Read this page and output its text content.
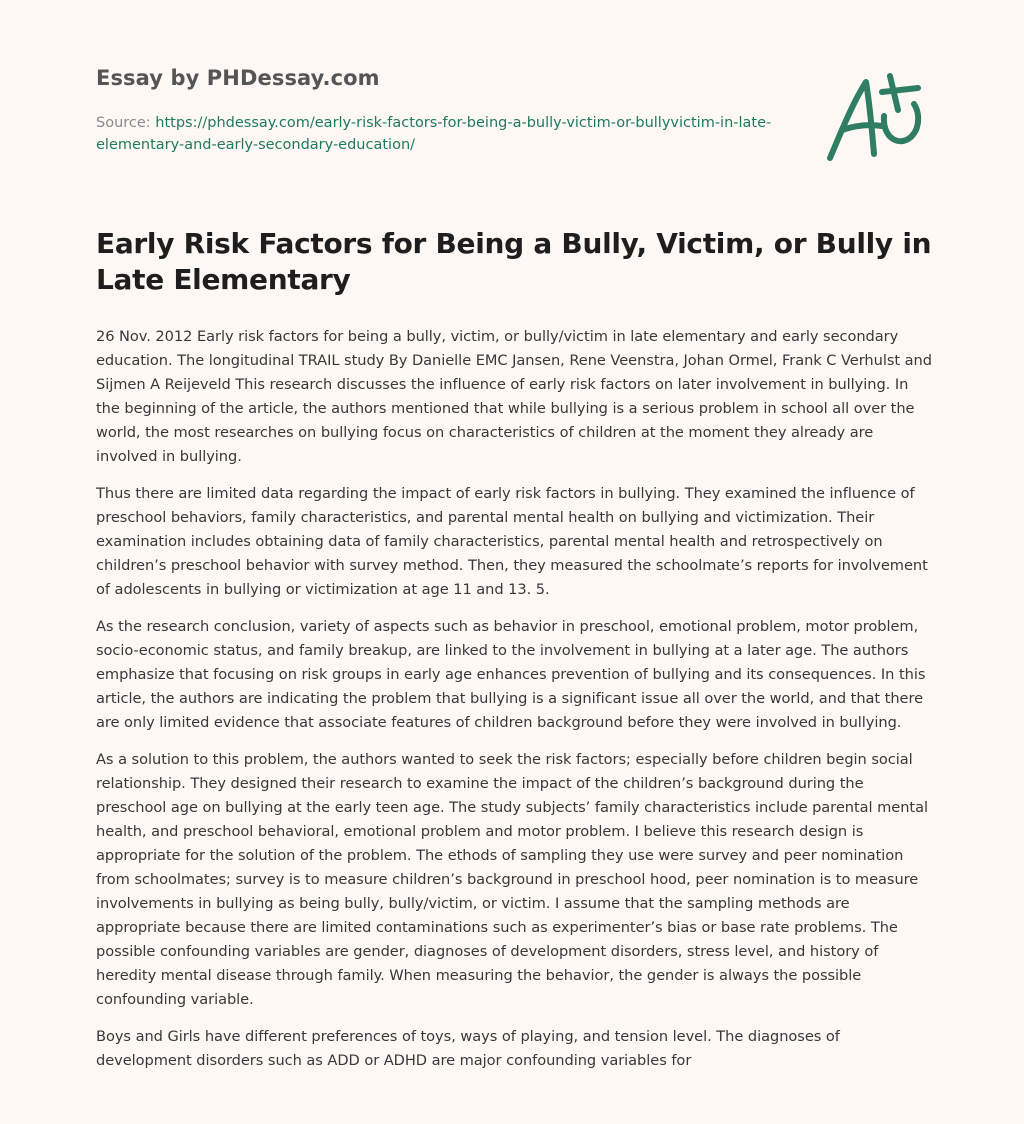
Essay by PHDessay.com

Source: https://phdessay.com/early-risk-factors-for-being-a-bully-victim-or-bullyvictim-in-late-elementary-and-early-secondary-education/

Early Risk Factors for Being a Bully, Victim, or Bully in Late Elementary

26 Nov. 2012 Early risk factors for being a bully, victim, or bully/victim in late elementary and early secondary education. The longitudinal TRAIL study By Danielle EMC Jansen, Rene Veenstra, Johan Ormel, Frank C Verhulst and Sijmen A Reijeveld This research discusses the influence of early risk factors on later involvement in bullying. In the beginning of the article, the authors mentioned that while bullying is a serious problem in school all over the world, the most researches on bullying focus on characteristics of children at the moment they already are involved in bullying.

Thus there are limited data regarding the impact of early risk factors in bullying. They examined the influence of preschool behaviors, family characteristics, and parental mental health on bullying and victimization. Their examination includes obtaining data of family characteristics, parental mental health and retrospectively on children’s preschool behavior with survey method. Then, they measured the schoolmate’s reports for involvement of adolescents in bullying or victimization at age 11 and 13. 5.

As the research conclusion, variety of aspects such as behavior in preschool, emotional problem, motor problem, socio-economic status, and family breakup, are linked to the involvement in bullying at a later age. The authors emphasize that focusing on risk groups in early age enhances prevention of bullying and its consequences. In this article, the authors are indicating the problem that bullying is a significant issue all over the world, and that there are only limited evidence that associate features of children background before they were involved in bullying.

As a solution to this problem, the authors wanted to seek the risk factors; especially before children begin social relationship. They designed their research to examine the impact of the children’s background during the preschool age on bullying at the early teen age. The study subjects’ family characteristics include parental mental health, and preschool behavioral, emotional problem and motor problem. I believe this research design is appropriate for the solution of the problem. The ethods of sampling they use were survey and peer nomination from schoolmates; survey is to measure children’s background in preschool hood, peer nomination is to measure involvements in bullying as being bully, bully/victim, or victim. I assume that the sampling methods are appropriate because there are limited contaminations such as experimenter’s bias or base rate problems. The possible confounding variables are gender, diagnoses of development disorders, stress level, and history of heredity mental disease through family. When measuring the behavior, the gender is always the possible confounding variable.

Boys and Girls have different preferences of toys, ways of playing, and tension level. The diagnoses of development disorders such as ADD or ADHD are major confounding variables for
